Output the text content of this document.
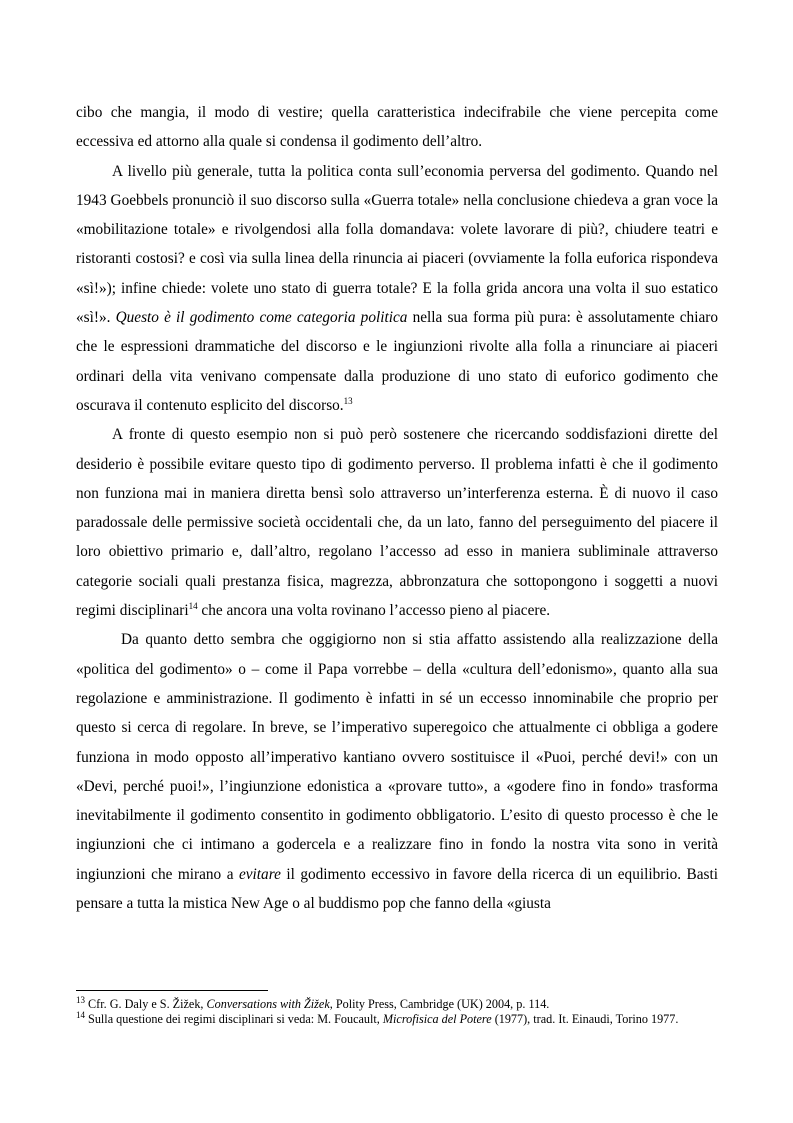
cibo che mangia, il modo di vestire; quella caratteristica indecifrabile che viene percepita come eccessiva ed attorno alla quale si condensa il godimento dell’altro.

A livello più generale, tutta la politica conta sull’economia perversa del godimento. Quando nel 1943 Goebbels pronunciò il suo discorso sulla «Guerra totale» nella conclusione chiedeva a gran voce la «mobilitazione totale» e rivolgendosi alla folla domandava: volete lavorare di più?, chiudere teatri e ristoranti costosi? e così via sulla linea della rinuncia ai piaceri (ovviamente la folla euforica rispondeva «sì!»); infine chiede: volete uno stato di guerra totale? E la folla grida ancora una volta il suo estatico «sì!». Questo è il godimento come categoria politica nella sua forma più pura: è assolutamente chiaro che le espressioni drammatiche del discorso e le ingiunzioni rivolte alla folla a rinunciare ai piaceri ordinari della vita venivano compensate dalla produzione di uno stato di euforico godimento che oscurava il contenuto esplicito del discorso.$^{13}$

A fronte di questo esempio non si può però sostenere che ricercando soddisfazioni dirette del desiderio è possibile evitare questo tipo di godimento perverso. Il problema infatti è che il godimento non funziona mai in maniera diretta bensì solo attraverso un’interferenza esterna. È di nuovo il caso paradossale delle permissive società occidentali che, da un lato, fanno del perseguimento del piacere il loro obiettivo primario e, dall’altro, regolano l’accesso ad esso in maniera subliminale attraverso categorie sociali quali prestanza fisica, magrezza, abbronzatura che sottopongono i soggetti a nuovi regimi disciplinari$^{14}$ che ancora una volta rovinano l’accesso pieno al piacere.

Da quanto detto sembra che oggigiorno non si stia affatto assistendo alla realizzazione della «politica del godimento» o – come il Papa vorrebbe – della «cultura dell’edonismo», quanto alla sua regolazione e amministrazione. Il godimento è infatti in sé un eccesso innominabile che proprio per questo si cerca di regolare. In breve, se l’imperativo superegoico che attualmente ci obbliga a godere funziona in modo opposto all’imperativo kantiano ovvero sostituisce il «Puoi, perché devi!» con un «Devi, perché puoi!», l’ingiunzione edonistica a «provare tutto», a «godere fino in fondo» trasforma inevitabilmente il godimento consentito in godimento obbligatorio. L’esito di questo processo è che le ingiunzioni che ci intimano a godercela e a realizzare fino in fondo la nostra vita sono in verità ingiunzioni che mirano a evitare il godimento eccessivo in favore della ricerca di un equilibrio. Basti pensare a tutta la mistica New Age o al buddismo pop che fanno della «giusta

$^{13}$ Cfr. G. Daly e S. Žižek, Conversations with Žižek, Polity Press, Cambridge (UK) 2004, p. 114.

$^{14}$ Sulla questione dei regimi disciplinari si veda: M. Foucault, Microfisica del Potere (1977), trad. It. Einaudi, Torino 1977.
